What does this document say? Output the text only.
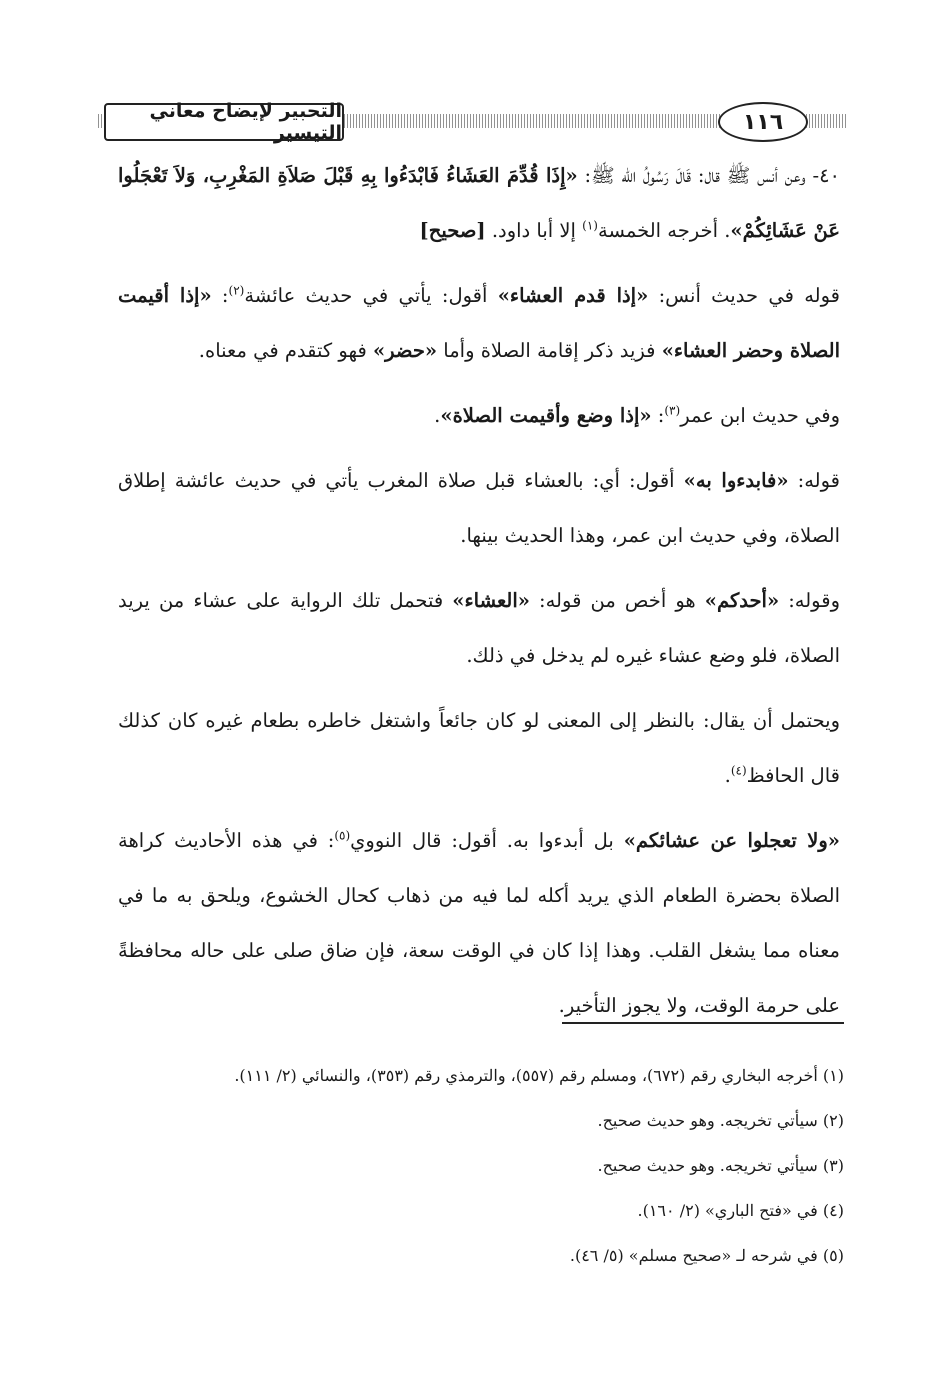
التحبير لإيضاح معاني التيسير	١١٦

٤٠- وعن أنس ﷺ قال: قَالَ رَسُولُ الله ﷺ: «إِذَا قُدِّمَ العَشَاءُ فَابْدَءُوا بِهِ قَبْلَ صَلاَةِ المَغْرِبِ، وَلاَ تَعْجَلُوا عَنْ عَشَائِكُمْ». أخرجه الخمسة$^{(١)}$ إلا أبا داود. [صحيح]

قوله في حديث أنس: «إذا قدم العشاء» أقول: يأتي في حديث عائشة$^{(٢)}$: «إذا أقيمت الصلاة وحضر العشاء» فزيد ذكر إقامة الصلاة وأما «حضر» فهو كتقدم في معناه.

وفي حديث ابن عمر$^{(٣)}$: «إذا وضع وأقيمت الصلاة».

قوله: «فابدءوا به» أقول: أي: بالعشاء قبل صلاة المغرب يأتي في حديث عائشة إطلاق الصلاة، وفي حديث ابن عمر، وهذا الحديث بينها.

وقوله: «أحدكم» هو أخص من قوله: «العشاء» فتحمل تلك الرواية على عشاء من يريد الصلاة، فلو وضع عشاء غيره لم يدخل في ذلك.

ويحتمل أن يقال: بالنظر إلى المعنى لو كان جائعاً واشتغل خاطره بطعام غيره كان كذلك قال الحافظ$^{(٤)}$.

«ولا تعجلوا عن عشائكم» بل أبدءوا به. أقول: قال النووي$^{(٥)}$: في هذه الأحاديث كراهة الصلاة بحضرة الطعام الذي يريد أكله لما فيه من ذهاب كحال الخشوع، ويلحق به ما في معناه مما يشغل القلب. وهذا إذا كان في الوقت سعة، فإن ضاق صلى على حاله محافظةً على حرمة الوقت، ولا يجوز التأخير.

(١) أخرجه البخاري رقم (٦٧٢)، ومسلم رقم (٥٥٧)، والترمذي رقم (٣٥٣)، والنسائي (٢/ ١١١).

(٢) سيأتي تخريجه. وهو حديث صحيح.

(٣) سيأتي تخريجه. وهو حديث صحيح.

(٤) في «فتح الباري» (٢/ ١٦٠).

(٥) في شرحه لـ «صحيح مسلم» (٥/ ٤٦).
